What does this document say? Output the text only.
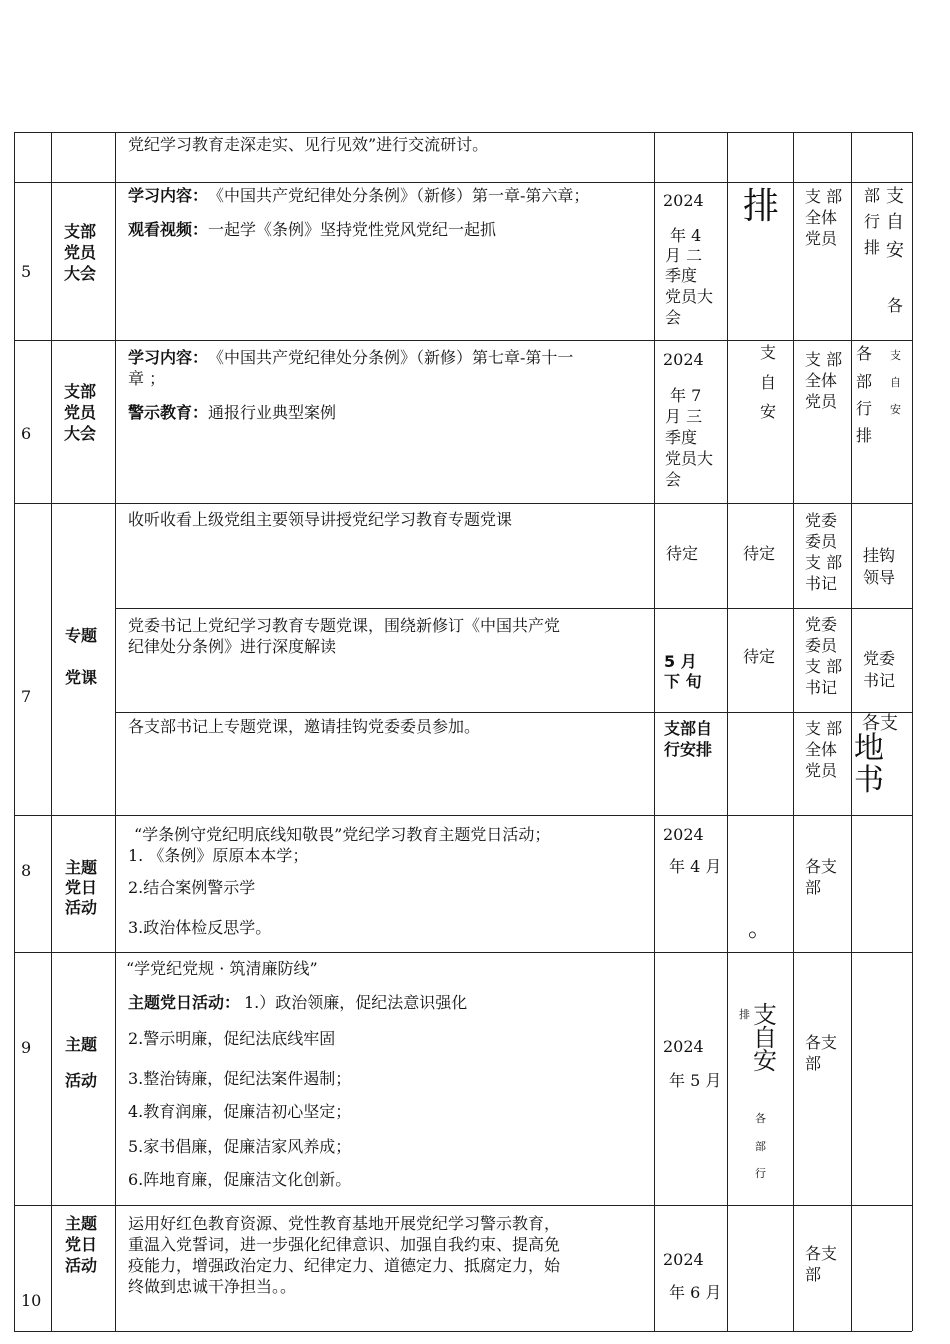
党纪学习教育走深走实、见行见效”进行交流研讨。
5
支部党员大会
学习内容： 《中国共产党纪律处分条例》（新修）第一章-第六章；
观看视频： 一起学《条例》坚持党性党风党纪一起抓
2024
年 4
月 二
季度
党员大
会
排 支 部
全体
党员
部 支
行 自
排 安
各
6
支部党员大会
学习内容： 《中国共产党纪律处分条例》（新修）第七章-第十一
章 ；
警示教育： 通报行业典型案例
2024
年 7
月 三
季度
党员大
会
支
自
安
支 部
全体
党员
各 支
部 自
行 安
排
7
专题
党课
收听收看上级党组主要领导讲授党纪学习教育专题党课
待定	待定
党委
委员
支 部
书记
挂钩
领导
党委书记上党纪学习教育专题党课，围绕新修订《中国共产党
纪律处分条例》进行深度解读
5 月
下 旬
待定
党委
委员
支 部
书记
党委
书记
各支部书记上专题党课，邀请挂钩党委委员参加。	支部自
行安排
支 部
全体
党员
各支
地
书
8 主题
党日
活动
“学条例守党纪明底线知敬畏”党纪学习教育主题党日活动；
1. 《条例》原原本本学；
2.结合案例警示学
3.政治体检反思学。
2024
年 4 月
。
各支
部
9 主题
活动
“学党纪党规 · 筑清廉防线”
主题党日活动： 1.）政治领廉，促纪法意识强化
2.警示明廉，促纪法底线牢固
3.整治铸廉，促纪法案件遏制；
4.教育润廉，促廉洁初心坚定；
5.家书倡廉，促廉洁家风养成；
6.阵地育廉，促廉洁文化创新。
2024
年 5 月
排 支
自
安
各
部
行
各支
部
10
主题
党日
活动
运用好红色教育资源、党性教育基地开展党纪学习警示教育，
重温入党誓词，进一步强化纪律意识、加强自我约束、提高免
疫能力，增强政治定力、纪律定力、道德定力、抵腐定力，始
终做到忠诚干净担当。。
2024
年 6 月
各支
部
